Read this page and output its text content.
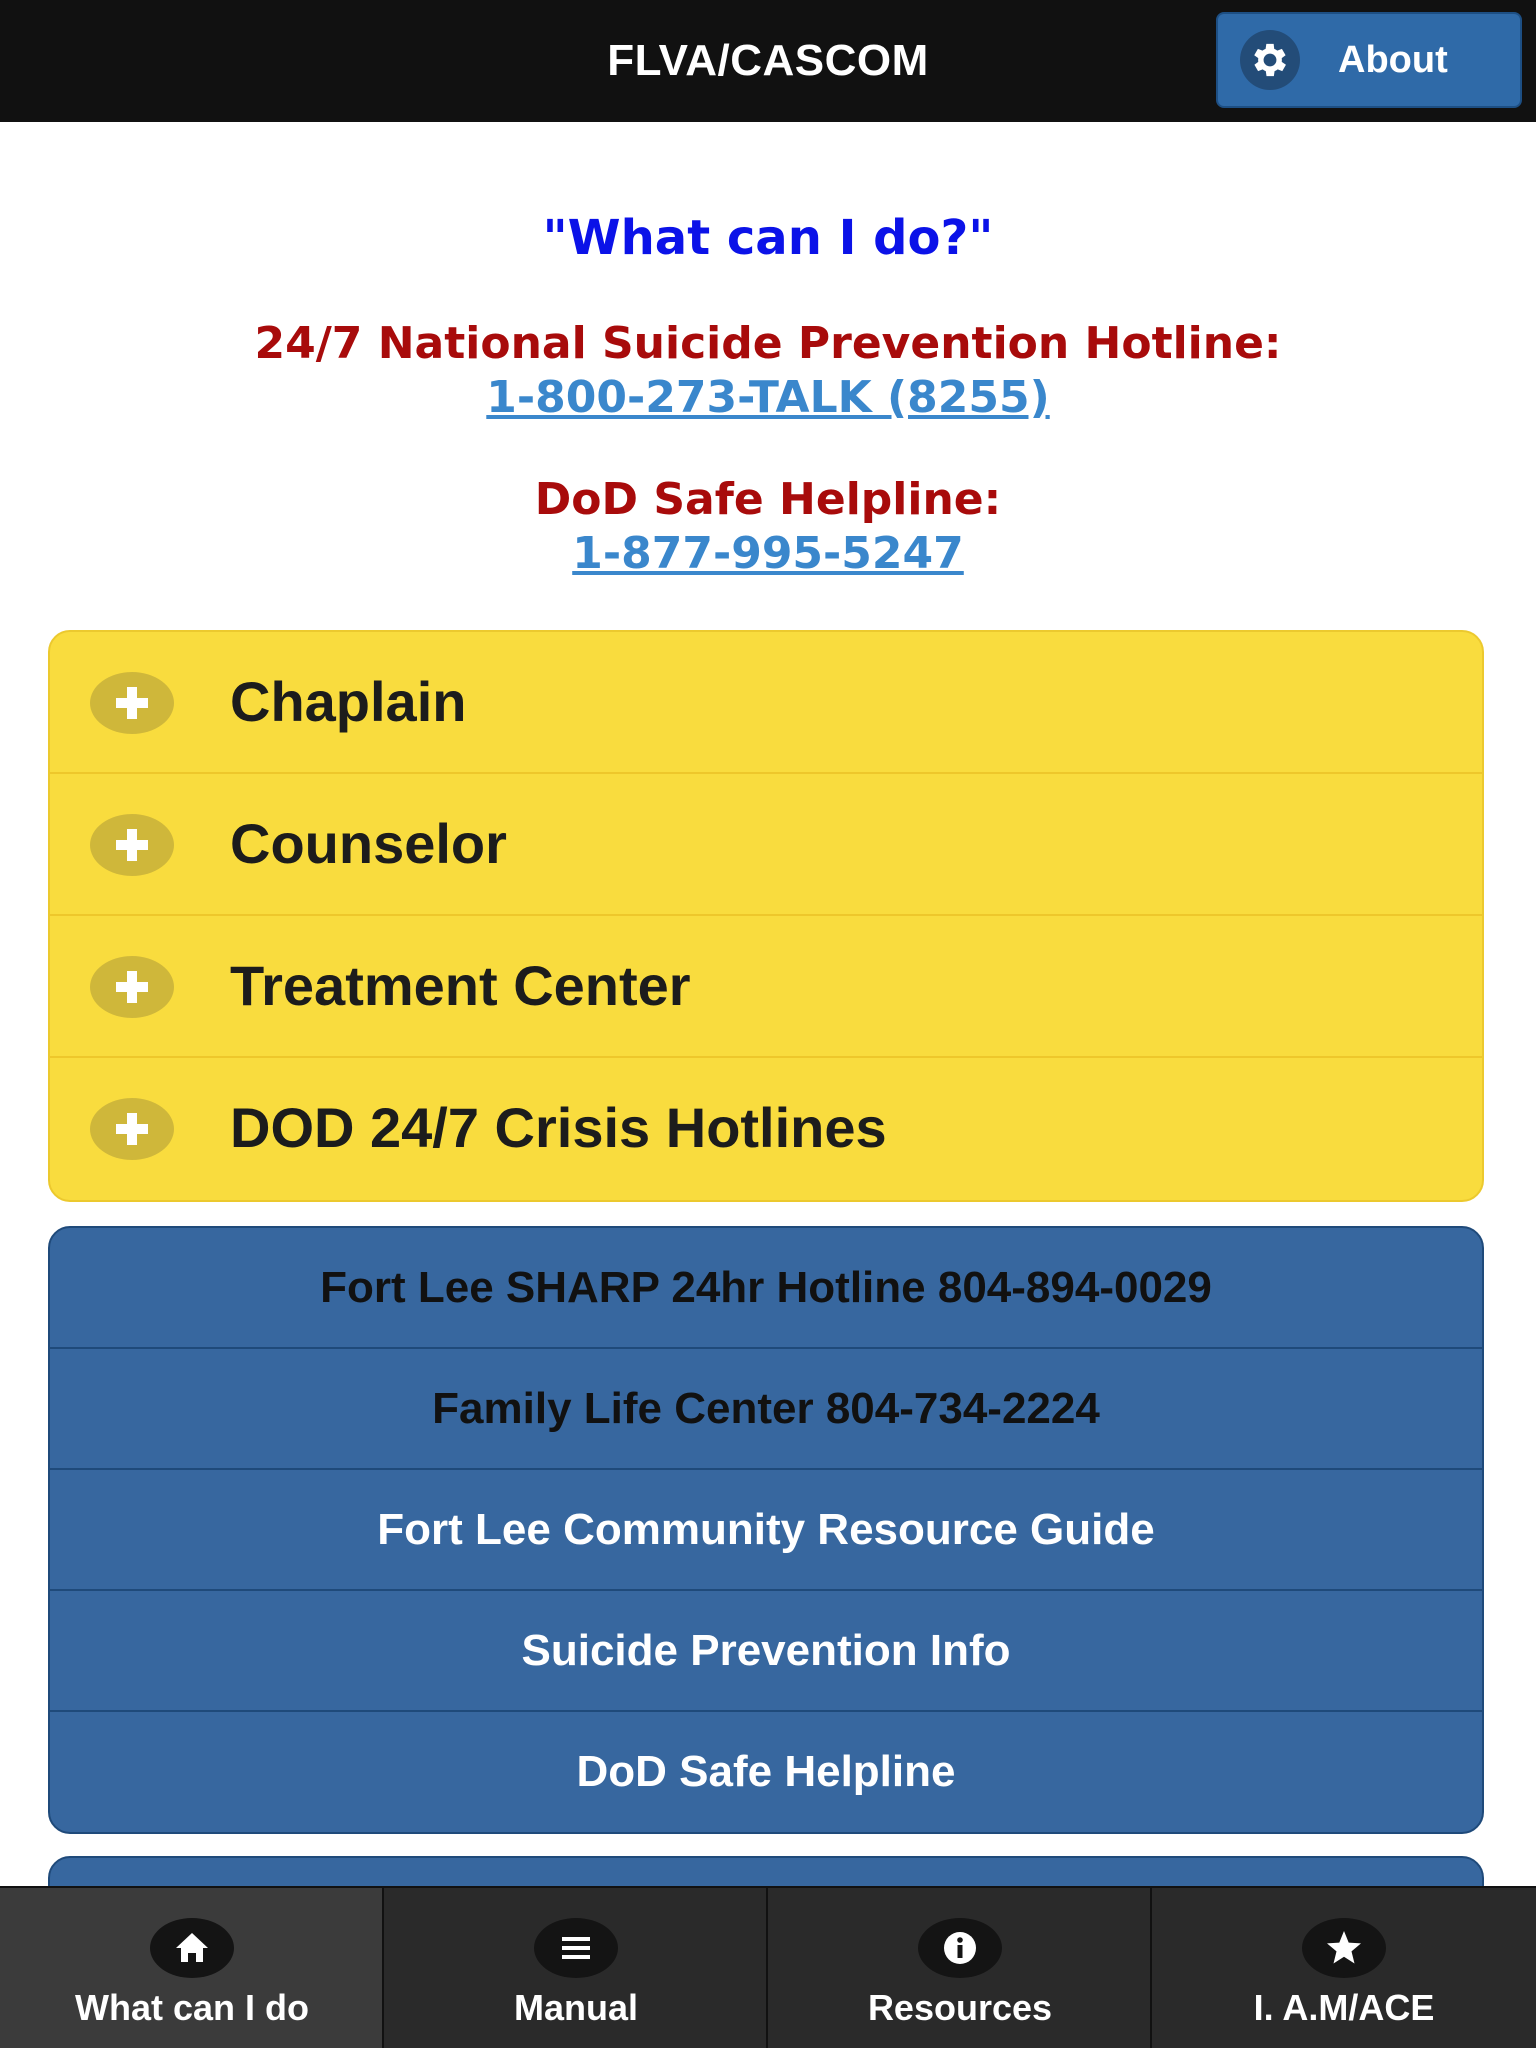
FLVA/CASCOM	About
"What can I do?"
24/7 National Suicide Prevention Hotline:
1-800-273-TALK (8255)
DoD Safe Helpline:
1-877-995-5247
Chaplain
Counselor
Treatment Center
DOD 24/7 Crisis Hotlines
Fort Lee SHARP 24hr Hotline 804-894-0029
Family Life Center 804-734-2224
Fort Lee Community Resource Guide
Suicide Prevention Info
DoD Safe Helpline
What can I do	Manual	Resources	I. A.M/ACE
